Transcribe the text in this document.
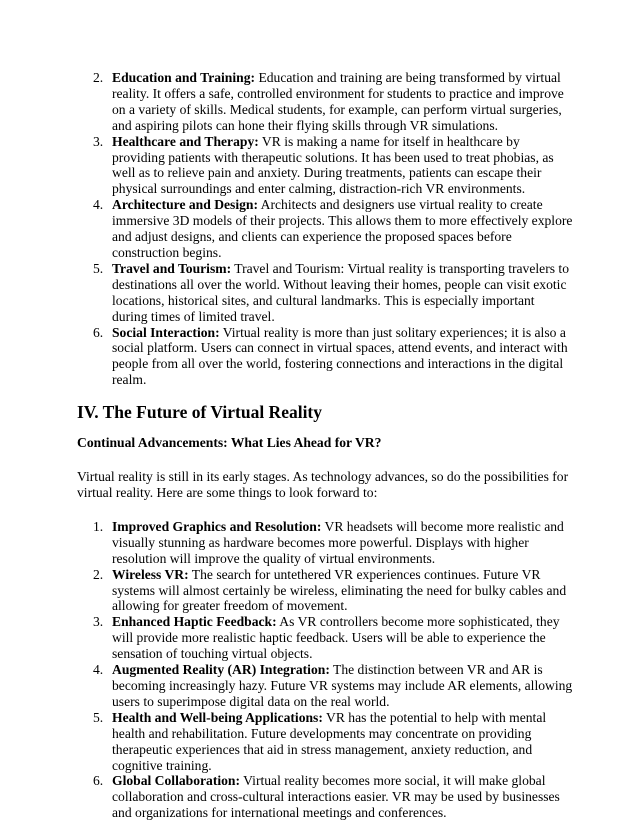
2. Education and Training: Education and training are being transformed by virtual reality. It offers a safe, controlled environment for students to practice and improve on a variety of skills. Medical students, for example, can perform virtual surgeries, and aspiring pilots can hone their flying skills through VR simulations.
3. Healthcare and Therapy: VR is making a name for itself in healthcare by providing patients with therapeutic solutions. It has been used to treat phobias, as well as to relieve pain and anxiety. During treatments, patients can escape their physical surroundings and enter calming, distraction-rich VR environments.
4. Architecture and Design: Architects and designers use virtual reality to create immersive 3D models of their projects. This allows them to more effectively explore and adjust designs, and clients can experience the proposed spaces before construction begins.
5. Travel and Tourism: Travel and Tourism: Virtual reality is transporting travelers to destinations all over the world. Without leaving their homes, people can visit exotic locations, historical sites, and cultural landmarks. This is especially important during times of limited travel.
6. Social Interaction: Virtual reality is more than just solitary experiences; it is also a social platform. Users can connect in virtual spaces, attend events, and interact with people from all over the world, fostering connections and interactions in the digital realm.
IV. The Future of Virtual Reality
Continual Advancements: What Lies Ahead for VR?

Virtual reality is still in its early stages. As technology advances, so do the possibilities for virtual reality. Here are some things to look forward to:

1. Improved Graphics and Resolution: VR headsets will become more realistic and visually stunning as hardware becomes more powerful. Displays with higher resolution will improve the quality of virtual environments.
2. Wireless VR: The search for untethered VR experiences continues. Future VR systems will almost certainly be wireless, eliminating the need for bulky cables and allowing for greater freedom of movement.
3. Enhanced Haptic Feedback: As VR controllers become more sophisticated, they will provide more realistic haptic feedback. Users will be able to experience the sensation of touching virtual objects.
4. Augmented Reality (AR) Integration: The distinction between VR and AR is becoming increasingly hazy. Future VR systems may include AR elements, allowing users to superimpose digital data on the real world.
5. Health and Well-being Applications: VR has the potential to help with mental health and rehabilitation. Future developments may concentrate on providing therapeutic experiences that aid in stress management, anxiety reduction, and cognitive training.
6. Global Collaboration: Virtual reality becomes more social, it will make global collaboration and cross-cultural interactions easier. VR may be used by businesses and organizations for international meetings and conferences.
